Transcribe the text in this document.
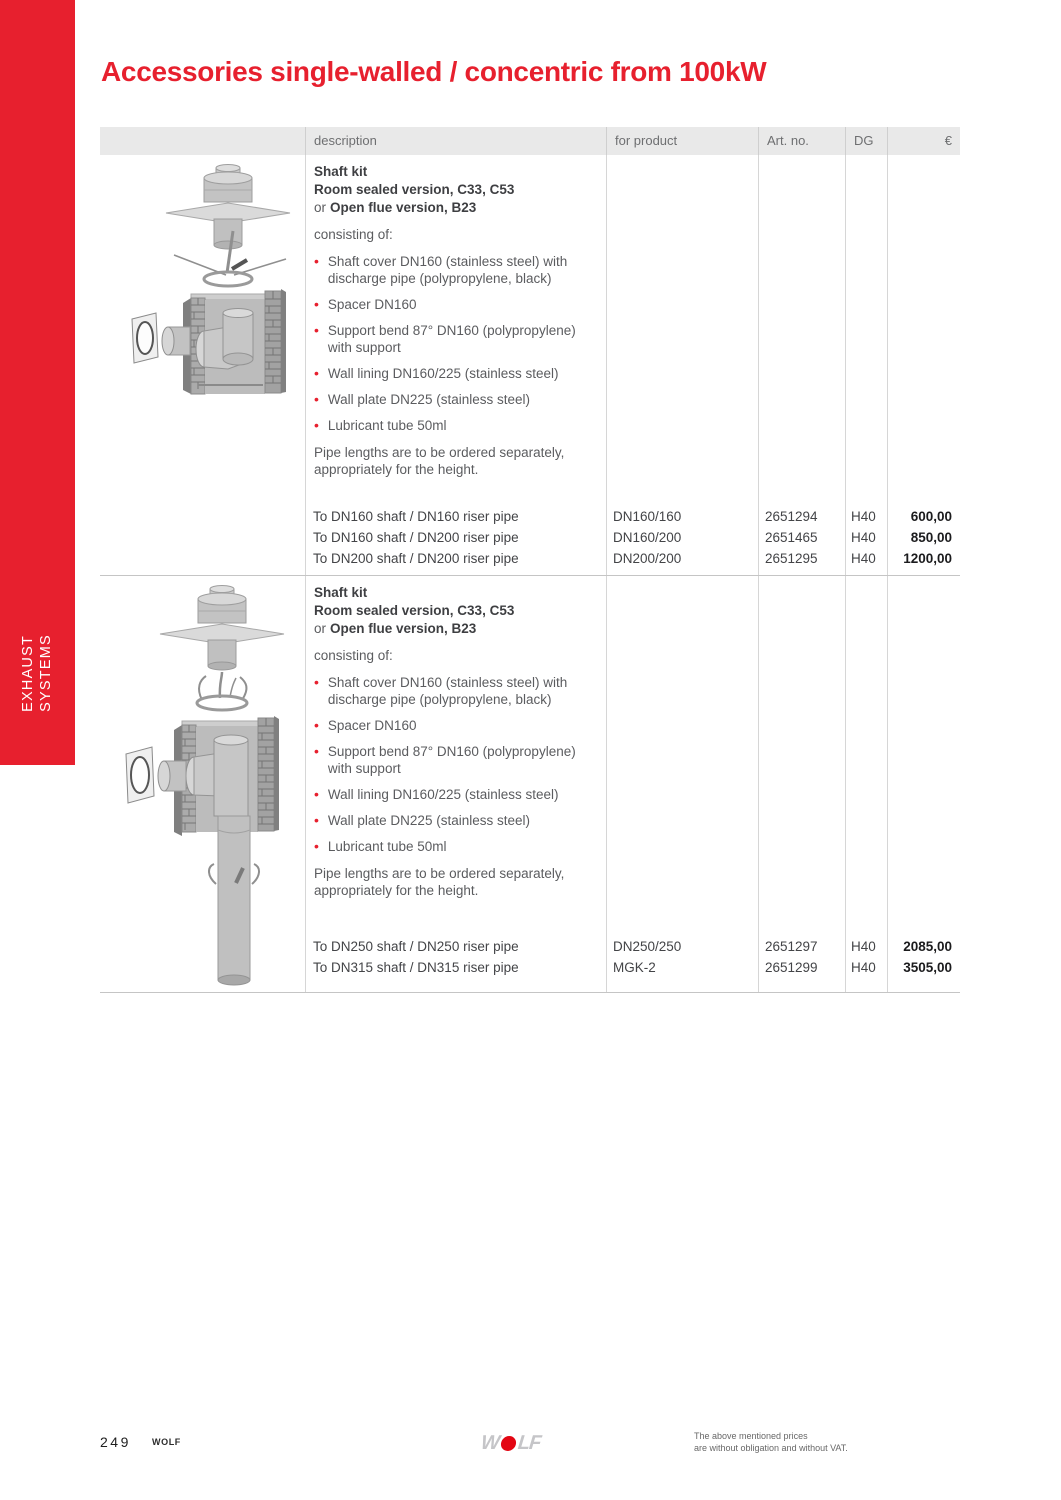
EXHAUST SYSTEMS
Accessories single-walled / concentric from 100kW
description	for product	Art. no.	DG	€
Shaft kit
Room sealed version, C33, C53
or Open flue version, B23
consisting of:
• Shaft cover DN160 (stainless steel) with discharge pipe (polypropylene, black)
• Spacer DN160
• Support bend 87° DN160 (polypropylene) with support
• Wall lining DN160/225 (stainless steel)
• Wall plate DN225 (stainless steel)
• Lubricant tube 50ml
Pipe lengths are to be ordered separately, appropriately for the height.
To DN160 shaft / DN160 riser pipe	DN160/160	2651294	H40	600,00
To DN160 shaft / DN200 riser pipe	DN160/200	2651465	H40	850,00
To DN200 shaft / DN200 riser pipe	DN200/200	2651295	H40	1200,00
Shaft kit
Room sealed version, C33, C53
or Open flue version, B23
consisting of:
• Shaft cover DN160 (stainless steel) with discharge pipe (polypropylene, black)
• Spacer DN160
• Support bend 87° DN160 (polypropylene) with support
• Wall lining DN160/225 (stainless steel)
• Wall plate DN225 (stainless steel)
• Lubricant tube 50ml
Pipe lengths are to be ordered separately, appropriately for the height.
To DN250 shaft / DN250 riser pipe	DN250/250	2651297	H40	2085,00
To DN315 shaft / DN315 riser pipe	MGK-2	2651299	H40	3505,00
249 WOLF	W LF	The above mentioned prices
are without obligation and without VAT.
